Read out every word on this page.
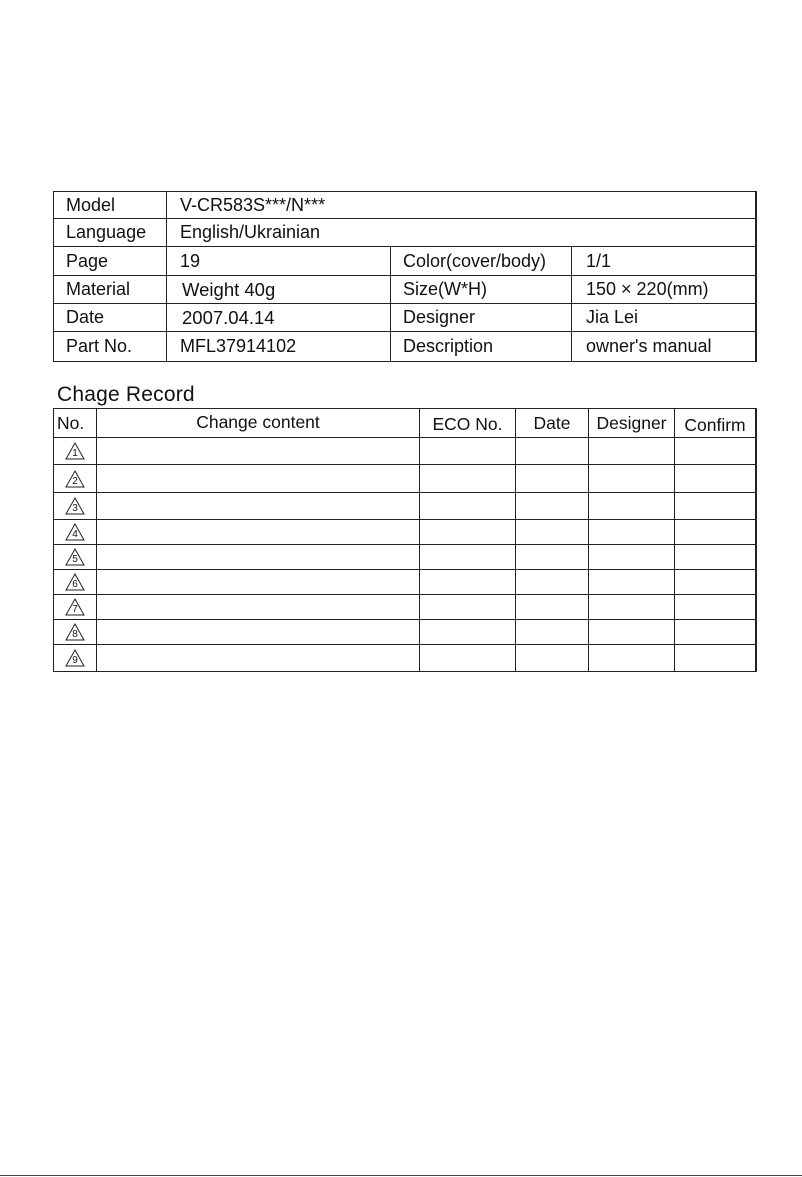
Model	V-CR583S***/N***
Language	English/Ukrainian
Page	19	Color(cover/body)	1/1
Material	Weight 40g	Size(W*H)	150 × 220(mm)
Date	2007.04.14	Designer	Jia Lei
Part No.	MFL37914102	Description	owner's manual
Chage Record
No.	Change content	ECO No.	Date	Designer	Confirm
1
2
3
4
5
6
7
8
9
